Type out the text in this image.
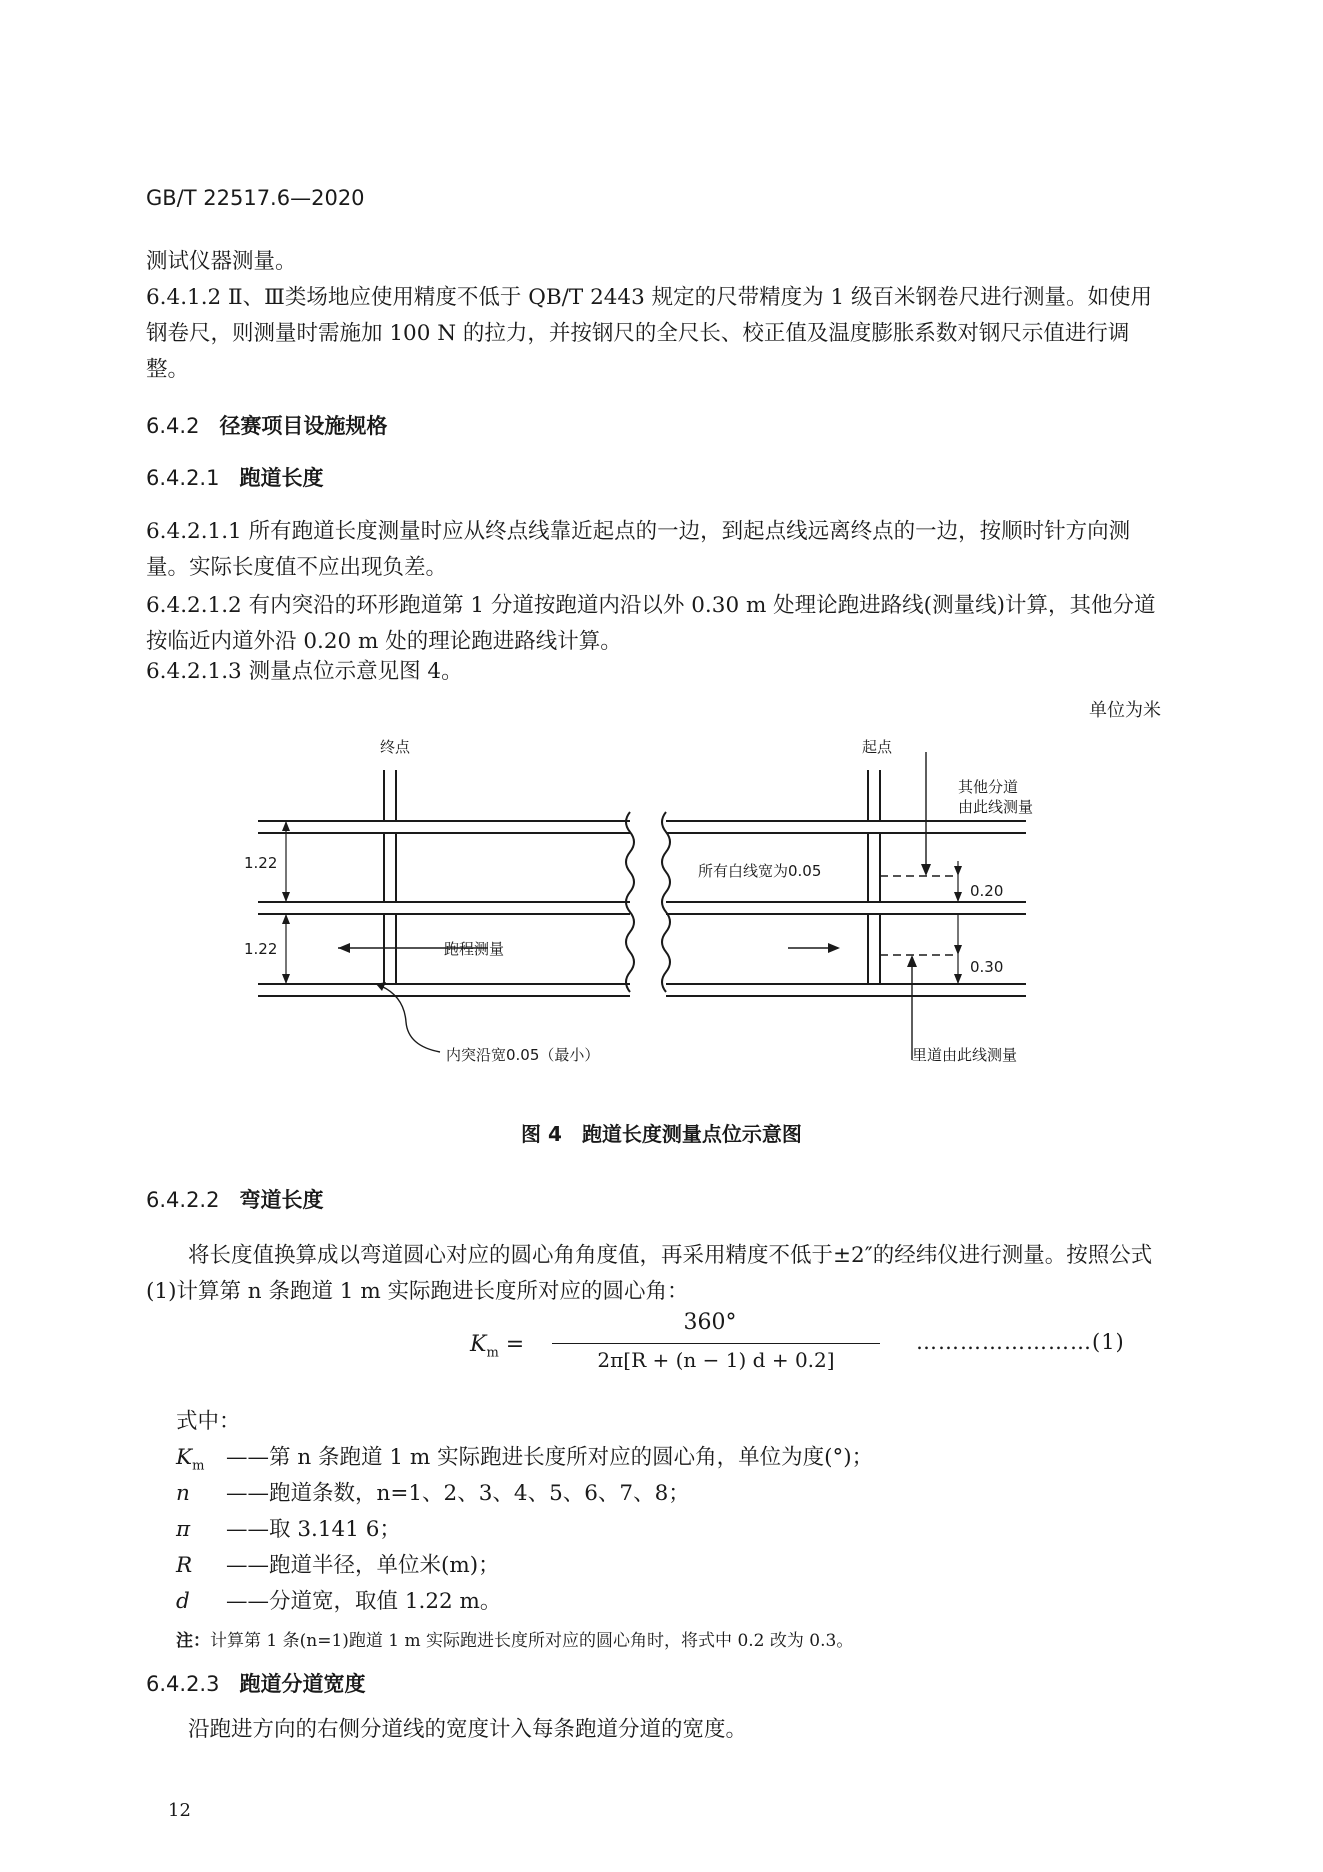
GB/T 22517.6—2020
测试仪器测量。
6.4.1.2 Ⅱ、Ⅲ类场地应使用精度不低于 QB/T 2443 规定的尺带精度为 1 级百米钢卷尺进行测量。如使用钢卷尺，则测量时需施加 100 N 的拉力，并按钢尺的全尺长、校正值及温度膨胀系数对钢尺示值进行调整。
6.4.2 径赛项目设施规格
6.4.2.1 跑道长度
6.4.2.1.1 所有跑道长度测量时应从终点线靠近起点的一边，到起点线远离终点的一边，按顺时针方向测量。实际长度值不应出现负差。
6.4.2.1.2 有内突沿的环形跑道第 1 分道按跑道内沿以外 0.30 m 处理论跑进路线(测量线)计算，其他分道按临近内道外沿 0.20 m 处的理论跑进路线计算。
6.4.2.1.3 测量点位示意见图 4。
单位为米
终点	起点
其他分道
由此线测量
所有白线宽为0.05
跑程测量
内突沿宽0.05（最小）	里道由此线测量
1.22
1.22
0.20
0.30
图 4 跑道长度测量点位示意图
6.4.2.2 弯道长度
将长度值换算成以弯道圆心对应的圆心角角度值，再采用精度不低于±2″的经纬仪进行测量。按照公式(1)计算第 n 条跑道 1 m 实际跑进长度所对应的圆心角：
$K_m$ =
360°
2π[R + (n − 1) d + 0.2]
……………………(1)
式中：
$K_m$ ——第 n 条跑道 1 m 实际跑进长度所对应的圆心角，单位为度(°)；
n ——跑道条数，n=1、2、3、4、5、6、7、8；
π ——取 3.141 6；
R ——跑道半径，单位米(m)；
d ——分道宽，取值 1.22 m。
注：计算第 1 条(n=1)跑道 1 m 实际跑进长度所对应的圆心角时，将式中 0.2 改为 0.3。
6.4.2.3 跑道分道宽度
沿跑进方向的右侧分道线的宽度计入每条跑道分道的宽度。
12
